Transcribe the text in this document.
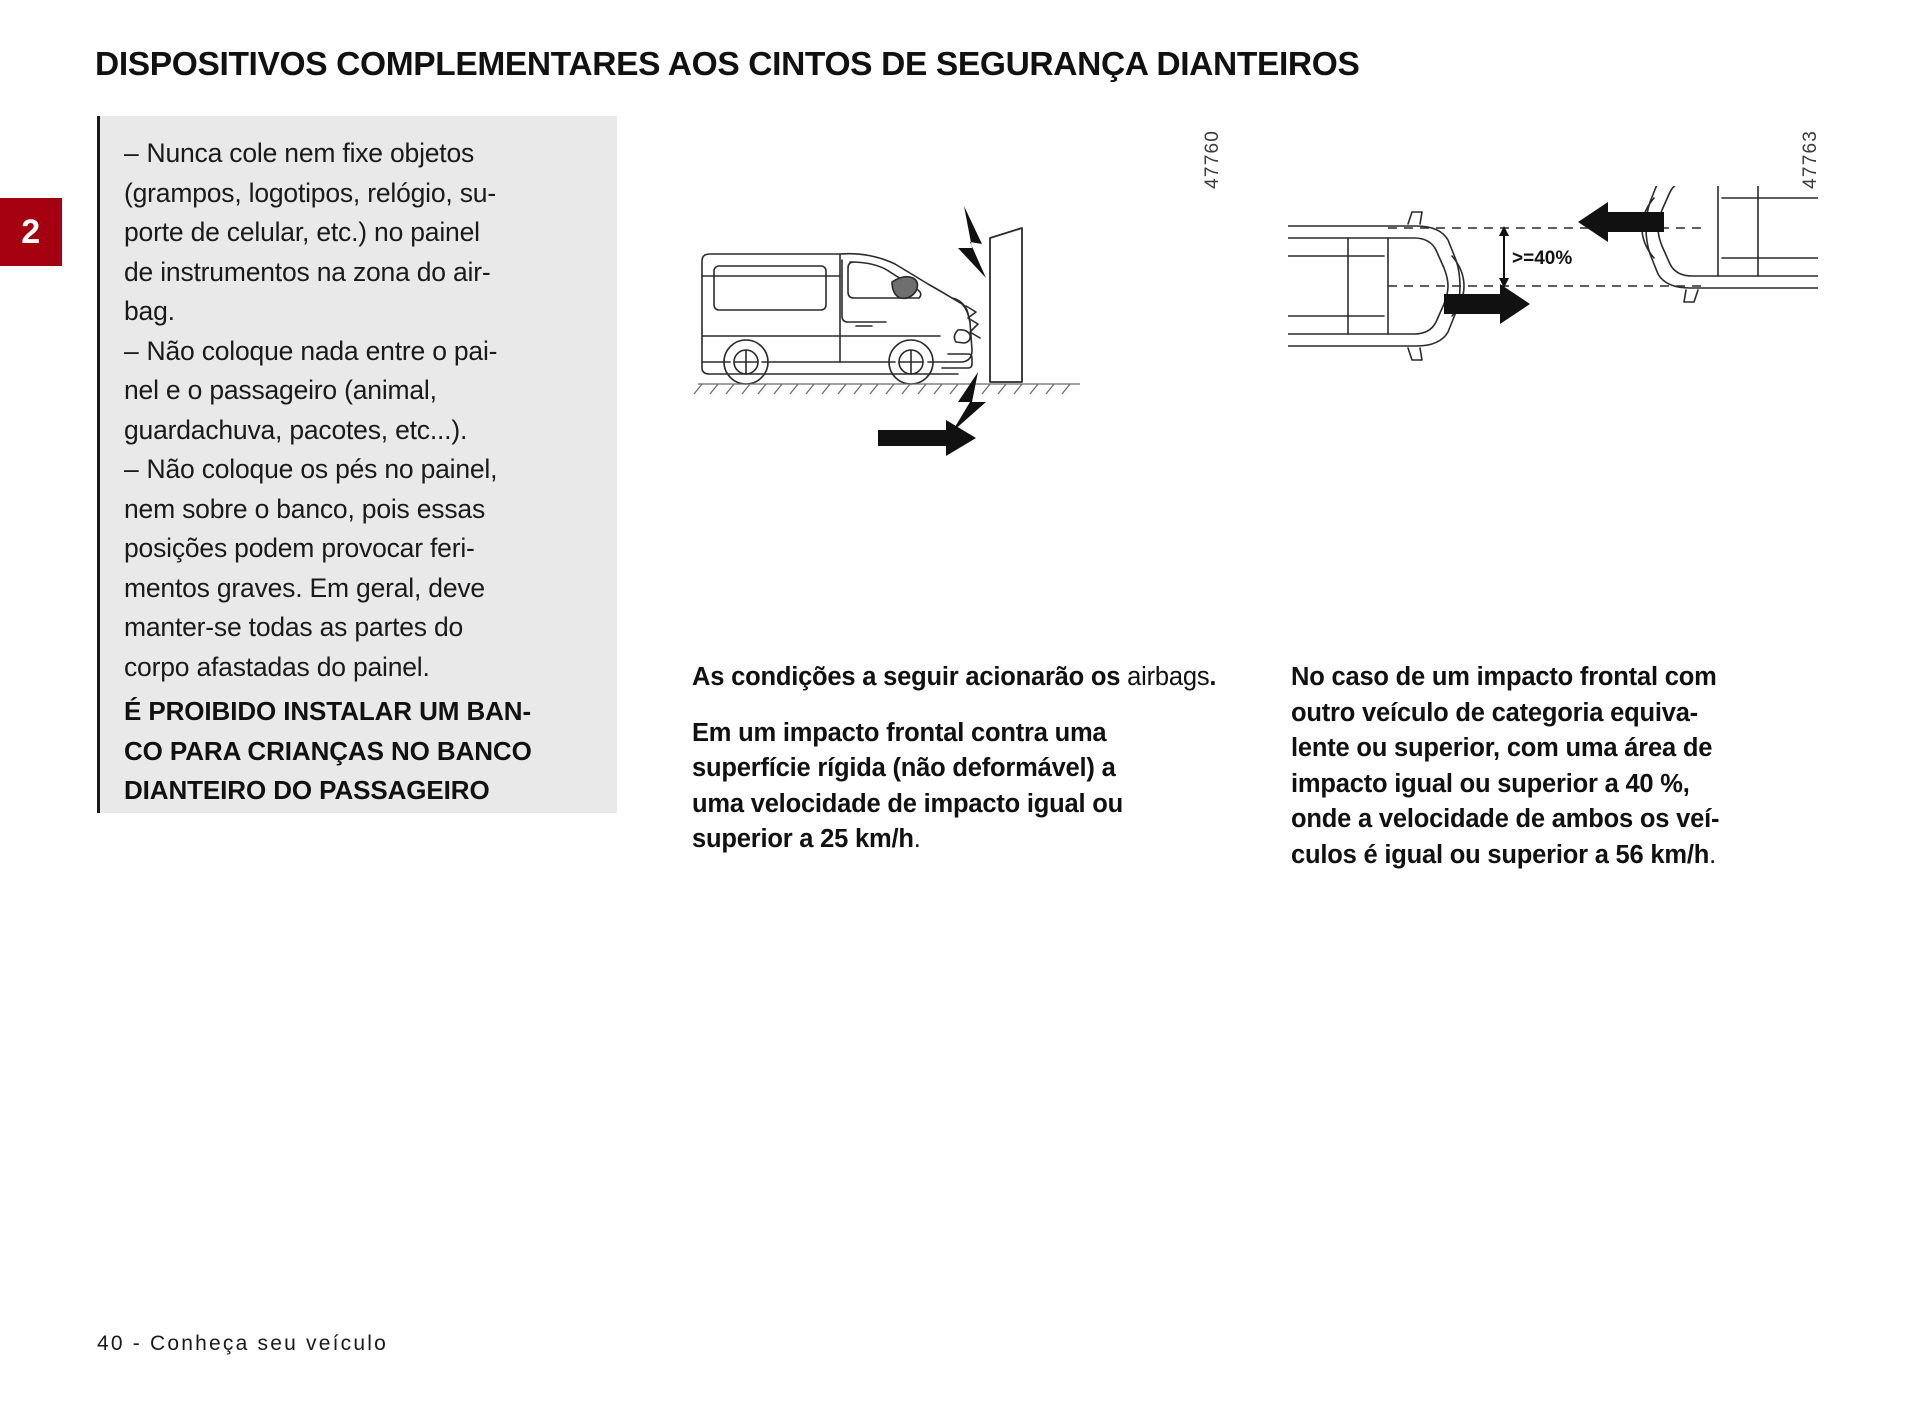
2
DISPOSITIVOS COMPLEMENTARES AOS CINTOS DE SEGURANÇA DIANTEIROS

– Nunca cole nem fixe objetos
(grampos, logotipos, relógio, su-
porte de celular, etc.) no painel
de instrumentos na zona do air-
bag.

– Não coloque nada entre o pai-
nel e o passageiro (animal,
guardachuva, pacotes, etc...).

– Não coloque os pés no painel,
nem sobre o banco, pois essas
posições podem provocar feri-
mentos graves. Em geral, deve
manter-se todas as partes do
corpo afastadas do painel.

É PROIBIDO INSTALAR UM BAN-
CO PARA CRIANÇAS NO BANCO
DIANTEIRO DO PASSAGEIRO

47760	47763
>=40%

As condições a seguir acionarão os airbags.

Em um impacto frontal contra uma
superfície rígida (não deformável) a
uma velocidade de impacto igual ou
superior a 25 km/h.

No caso de um impacto frontal com
outro veículo de categoria equiva-
lente ou superior, com uma área de
impacto igual ou superior a 40 %,
onde a velocidade de ambos os veí-
culos é igual ou superior a 56 km/h.

40 - Conheça seu veículo
